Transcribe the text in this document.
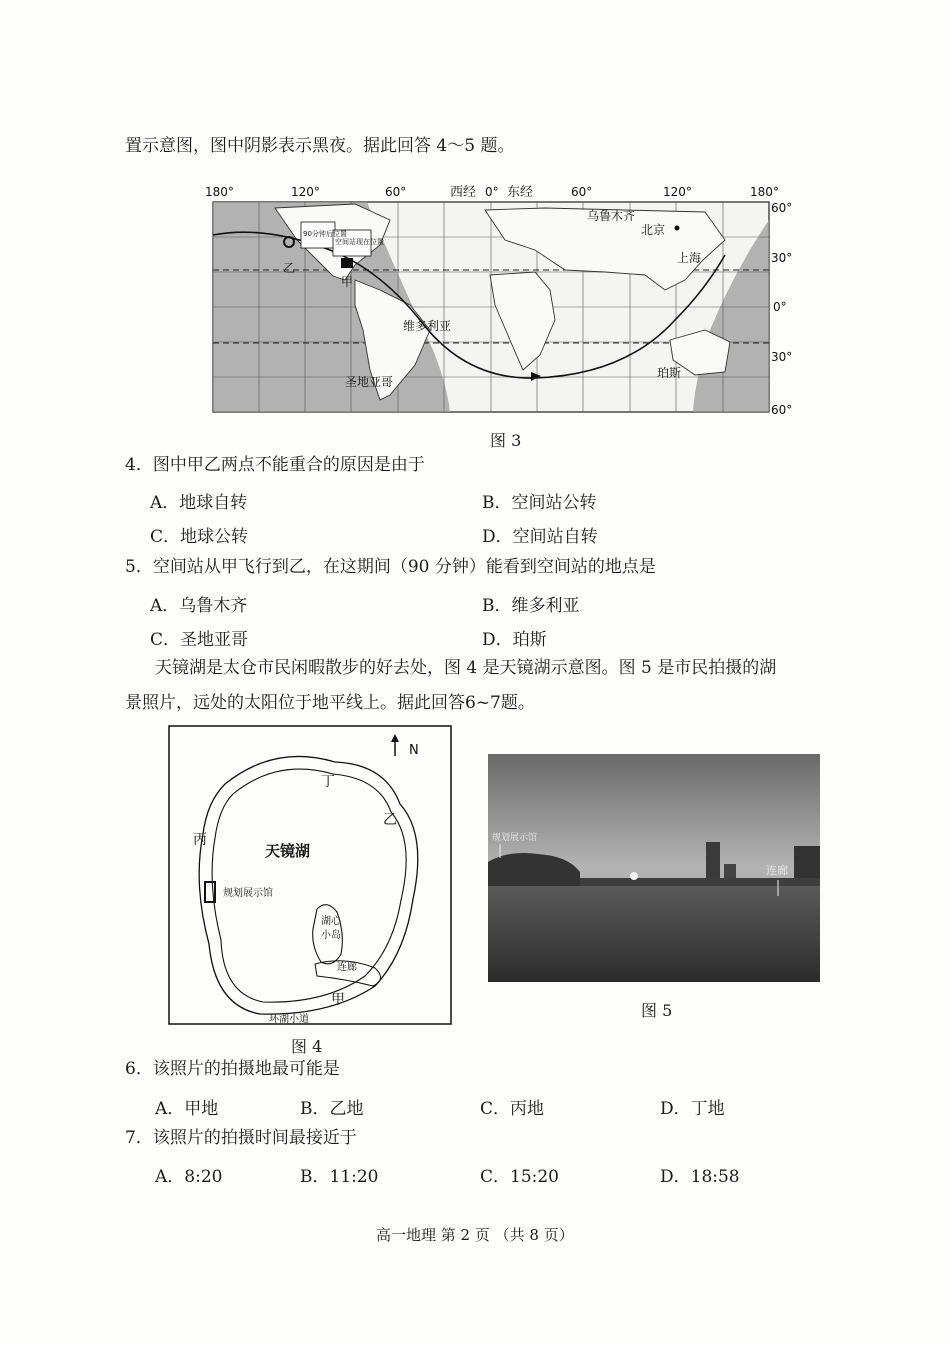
置示意图，图中阴影表示黑夜。据此回答 4～5 题。
180°	120°	60°	西经 0° 东经	60°	120°	180°
60°
30°
0°
30°
60°
乌鲁木齐
北京
上海
维多利亚
圣地亚哥
珀斯
甲
乙
90分钟后位置
空间站现在位置
图 3
4．图中甲乙两点不能重合的原因是由于
A．地球自转	B．空间站公转
C．地球公转	D．空间站自转
5．空间站从甲飞行到乙，在这期间（90 分钟）能看到空间站的地点是
A．乌鲁木齐	B．维多利亚
C．圣地亚哥	D．珀斯
天镜湖是太仓市民闲暇散步的好去处，图 4 是天镜湖示意图。图 5 是市民拍摄的湖
景照片，远处的太阳位于地平线上。据此回答6~7题。
N
天镜湖
规划展示馆
湖心
小岛
连廊
环湖小道
甲
乙
丙
丁
图 4
规划展示馆
连廊
图 5
6．该照片的拍摄地最可能是
A．甲地	B．乙地	C．丙地	D．丁地
7．该照片的拍摄时间最接近于
A．8:20	B．11:20	C．15:20	D．18:58
高一地理 第 2 页 （共 8 页）
